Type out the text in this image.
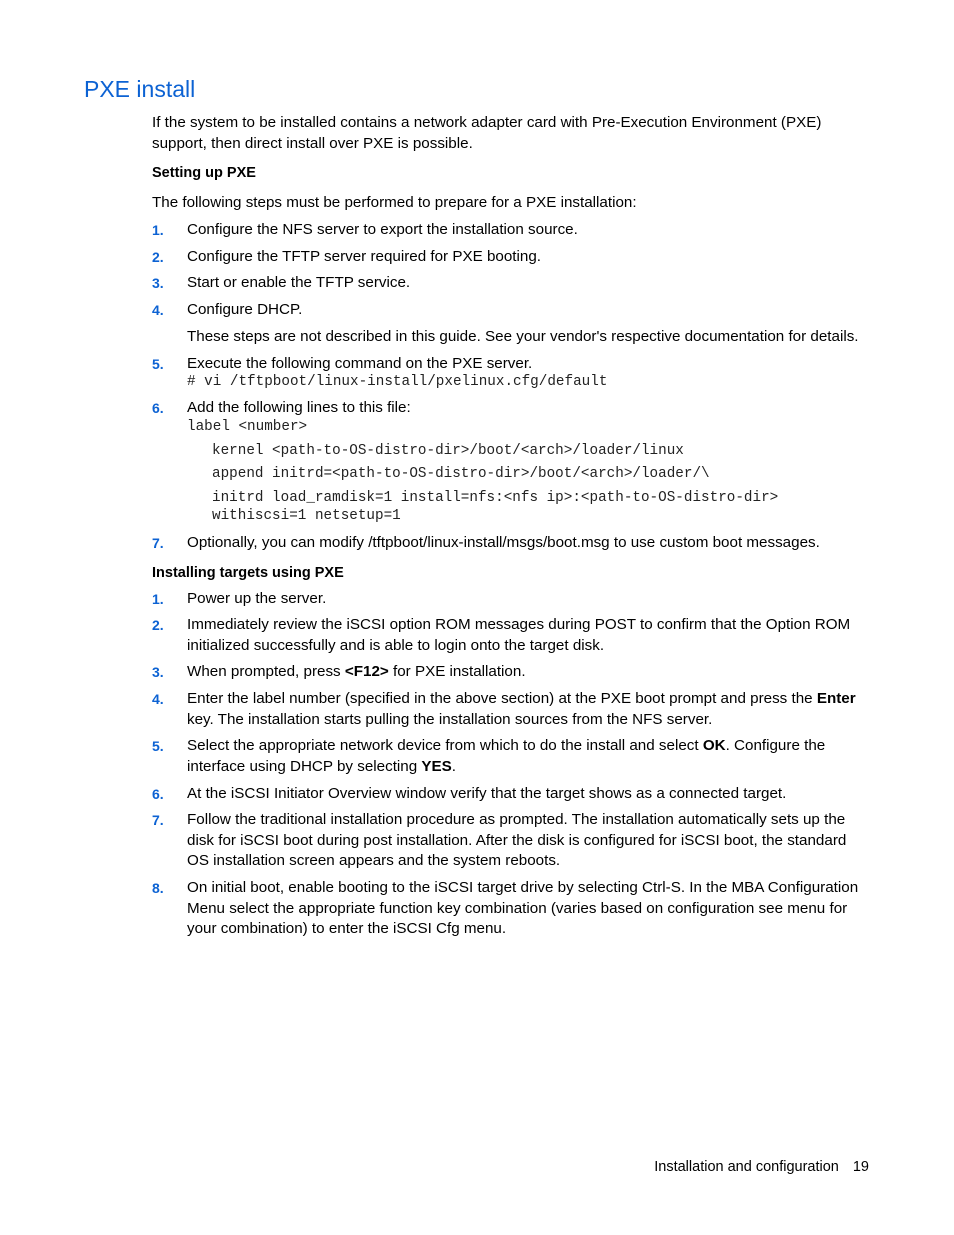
PXE install
If the system to be installed contains a network adapter card with Pre-Execution Environment (PXE) support, then direct install over PXE is possible.
Setting up PXE
The following steps must be performed to prepare for a PXE installation:
1. Configure the NFS server to export the installation source.
2. Configure the TFTP server required for PXE booting.
3. Start or enable the TFTP service.
4. Configure DHCP.
These steps are not described in this guide. See your vendor's respective documentation for details.
5. Execute the following command on the PXE server.
# vi /tftpboot/linux-install/pxelinux.cfg/default
6. Add the following lines to this file:
label <number>
kernel <path-to-OS-distro-dir>/boot/<arch>/loader/linux
append initrd=<path-to-OS-distro-dir>/boot/<arch>/loader/\
initrd load_ramdisk=1 install=nfs:<nfs ip>:<path-to-OS-distro-dir>
withiscsi=1 netsetup=1
7. Optionally, you can modify /tftpboot/linux-install/msgs/boot.msg to use custom boot messages.
Installing targets using PXE
1. Power up the server.
2. Immediately review the iSCSI option ROM messages during POST to confirm that the Option ROM initialized successfully and is able to login onto the target disk.
3. When prompted, press <F12> for PXE installation.
4. Enter the label number (specified in the above section) at the PXE boot prompt and press the Enter key. The installation starts pulling the installation sources from the NFS server.
5. Select the appropriate network device from which to do the install and select OK. Configure the interface using DHCP by selecting YES.
6. At the iSCSI Initiator Overview window verify that the target shows as a connected target.
7. Follow the traditional installation procedure as prompted. The installation automatically sets up the disk for iSCSI boot during post installation. After the disk is configured for iSCSI boot, the standard OS installation screen appears and the system reboots.
8. On initial boot, enable booting to the iSCSI target drive by selecting Ctrl-S. In the MBA Configuration Menu select the appropriate function key combination (varies based on configuration see menu for your combination) to enter the iSCSI Cfg menu.
Installation and configuration 19
